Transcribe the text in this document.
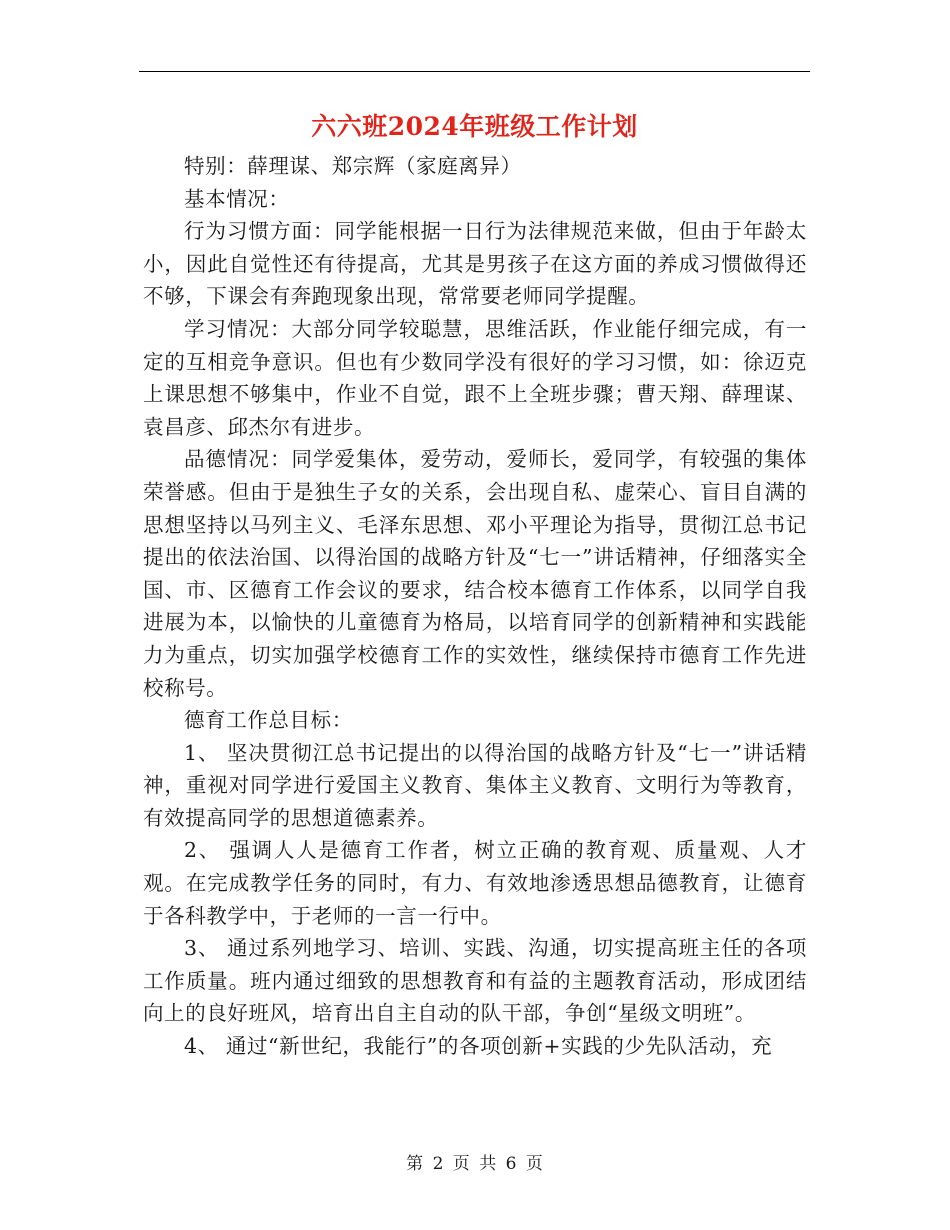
六六班2024年班级工作计划

特别：薛理谋、郑宗辉（家庭离异）

基本情况：

行为习惯方面：同学能根据一日行为法律规范来做，但由于年龄太小，因此自觉性还有待提高，尤其是男孩子在这方面的养成习惯做得还不够，下课会有奔跑现象出现，常常要老师同学提醒。

学习情况：大部分同学较聪慧，思维活跃，作业能仔细完成，有一定的互相竞争意识。但也有少数同学没有很好的学习习惯，如：徐迈克上课思想不够集中，作业不自觉，跟不上全班步骤；曹天翔、薛理谋、袁昌彦、邱杰尔有进步。

品德情况：同学爱集体，爱劳动，爱师长，爱同学，有较强的集体荣誉感。但由于是独生子女的关系，会出现自私、虚荣心、盲目自满的思想坚持以马列主义、毛泽东思想、邓小平理论为指导，贯彻江总书记提出的依法治国、以得治国的战略方针及“七一”讲话精神，仔细落实全国、市、区德育工作会议的要求，结合校本德育工作体系，以同学自我进展为本，以愉快的儿童德育为格局，以培育同学的创新精神和实践能力为重点，切实加强学校德育工作的实效性，继续保持市德育工作先进校称号。

德育工作总目标：

1、 坚决贯彻江总书记提出的以得治国的战略方针及“七一”讲话精神，重视对同学进行爱国主义教育、集体主义教育、文明行为等教育，有效提高同学的思想道德素养。

2、 强调人人是德育工作者，树立正确的教育观、质量观、人才观。在完成教学任务的同时，有力、有效地渗透思想品德教育，让德育于各科教学中，于老师的一言一行中。

3、 通过系列地学习、培训、实践、沟通，切实提高班主任的各项工作质量。班内通过细致的思想教育和有益的主题教育活动，形成团结向上的良好班风，培育出自主自动的队干部，争创“星级文明班”。

4、 通过“新世纪，我能行”的各项创新+实践的少先队活动，充

第 2 页 共 6 页
